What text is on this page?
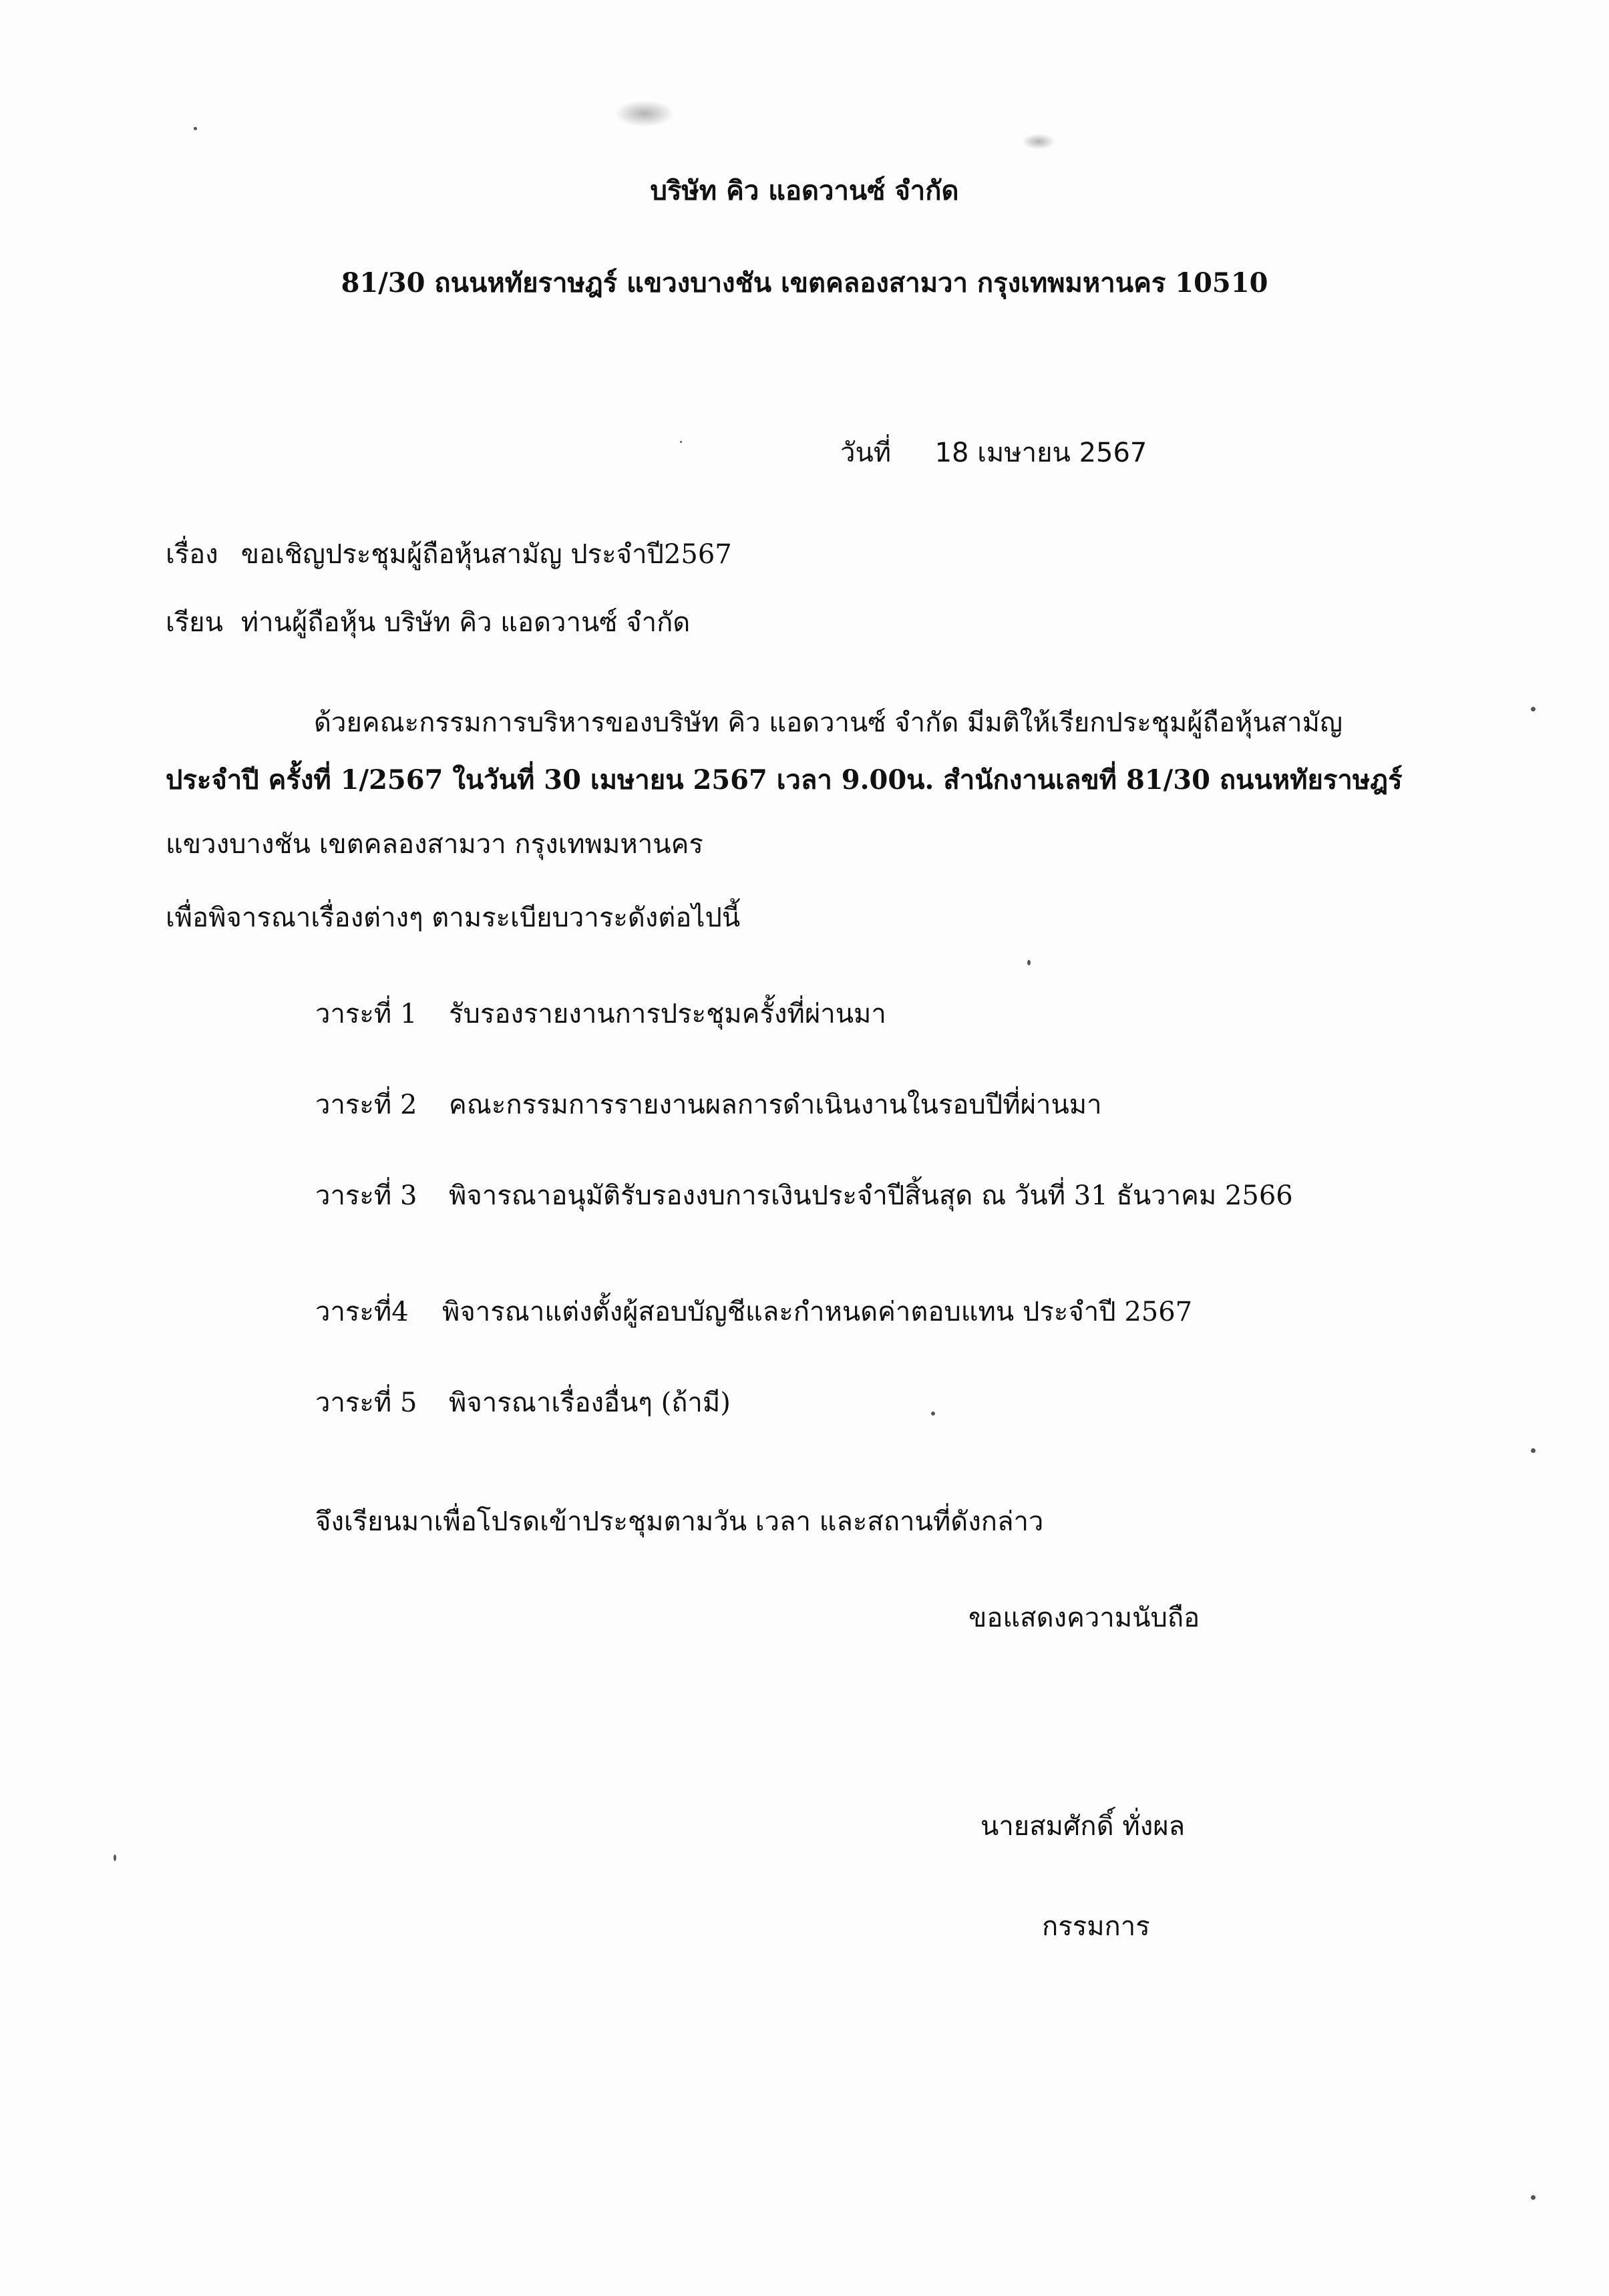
บริษัท คิว แอดวานซ์ จำกัด
81/30 ถนนหทัยราษฎร์ แขวงบางชัน เขตคลองสามวา กรุงเทพมหานคร 10510
วันที่ 18 เมษายน 2567
เรื่อง ขอเชิญประชุมผู้ถือหุ้นสามัญ ประจำปี2567
เรียน ท่านผู้ถือหุ้น บริษัท คิว แอดวานซ์ จำกัด
ด้วยคณะกรรมการบริหารของบริษัท คิว แอดวานซ์ จำกัด มีมติให้เรียกประชุมผู้ถือหุ้นสามัญ
ประจำปี ครั้งที่ 1/2567 ในวันที่ 30 เมษายน 2567 เวลา 9.00น. สำนักงานเลขที่ 81/30 ถนนหทัยราษฎร์
แขวงบางชัน เขตคลองสามวา กรุงเทพมหานคร
เพื่อพิจารณาเรื่องต่างๆ ตามระเบียบวาระดังต่อไปนี้
วาระที่ 1 รับรองรายงานการประชุมครั้งที่ผ่านมา
วาระที่ 2 คณะกรรมการรายงานผลการดำเนินงานในรอบปีที่ผ่านมา
วาระที่ 3 พิจารณาอนุมัติรับรองงบการเงินประจำปีสิ้นสุด ณ วันที่ 31 ธันวาคม 2566
วาระที่4 พิจารณาแต่งตั้งผู้สอบบัญชีและกำหนดค่าตอบแทน ประจำปี 2567
วาระที่ 5 พิจารณาเรื่องอื่นๆ (ถ้ามี)
จึงเรียนมาเพื่อโปรดเข้าประชุมตามวัน เวลา และสถานที่ดังกล่าว
ขอแสดงความนับถือ
นายสมศักดิ์ ทั่งผล
กรรมการ
